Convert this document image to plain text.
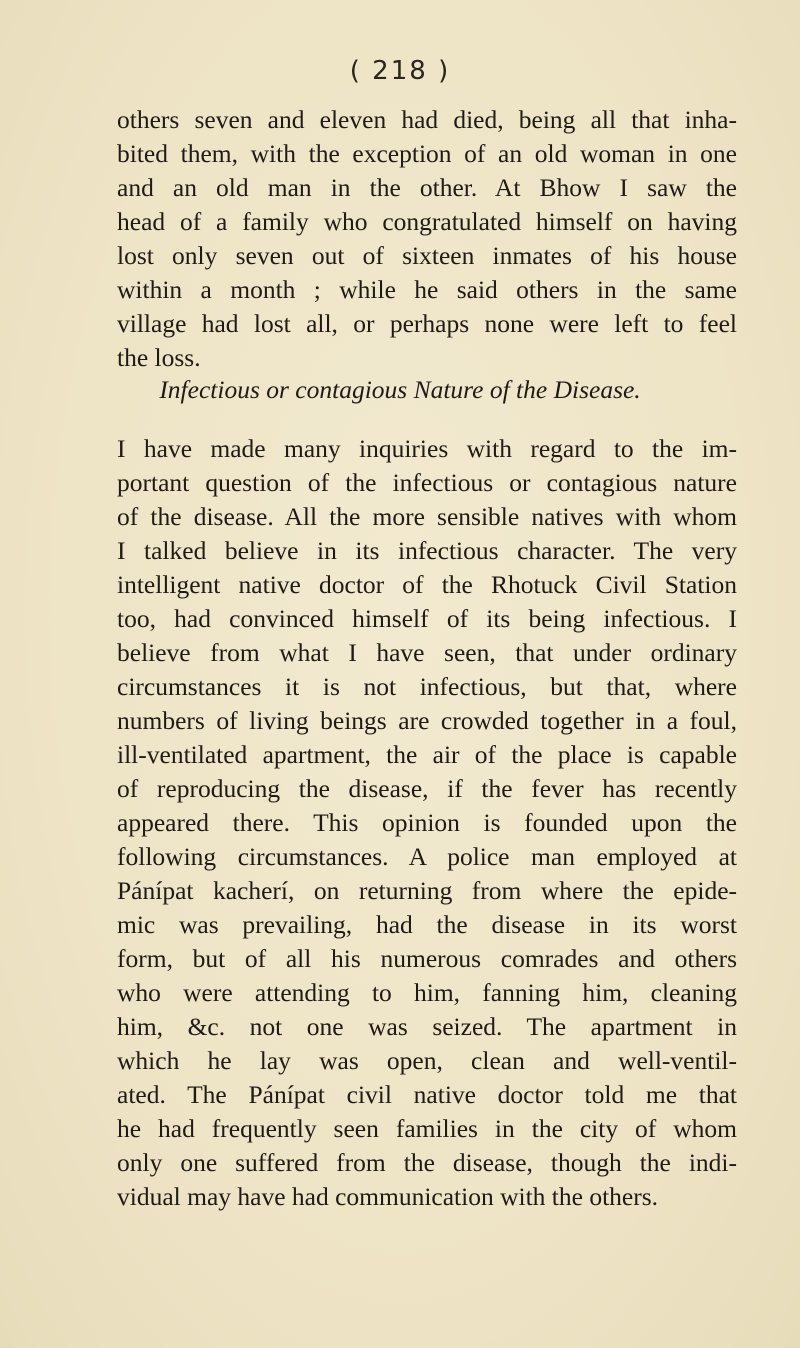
( 218 )
others seven and eleven had died, being all that inha-
bited them, with the exception of an old woman in one
and an old man in the other. At Bhow I saw the
head of a family who congratulated himself on having
lost only seven out of sixteen inmates of his house
within a month ; while he said others in the same
village had lost all, or perhaps none were left to feel
the loss.
Infectious or contagious Nature of the Disease.
I have made many inquiries with regard to the im-
portant question of the infectious or contagious nature
of the disease. All the more sensible natives with whom
I talked believe in its infectious character. The very
intelligent native doctor of the Rhotuck Civil Station
too, had convinced himself of its being infectious. I
believe from what I have seen, that under ordinary
circumstances it is not infectious, but that, where
numbers of living beings are crowded together in a foul,
ill-ventilated apartment, the air of the place is capable
of reproducing the disease, if the fever has recently
appeared there. This opinion is founded upon the
following circumstances. A police man employed at
Pánípat kacherí, on returning from where the epide-
mic was prevailing, had the disease in its worst
form, but of all his numerous comrades and others
who were attending to him, fanning him, cleaning
him, &c. not one was seized. The apartment in
which he lay was open, clean and well-ventil-
ated. The Pánípat civil native doctor told me that
he had frequently seen families in the city of whom
only one suffered from the disease, though the indi-
vidual may have had communication with the others.
